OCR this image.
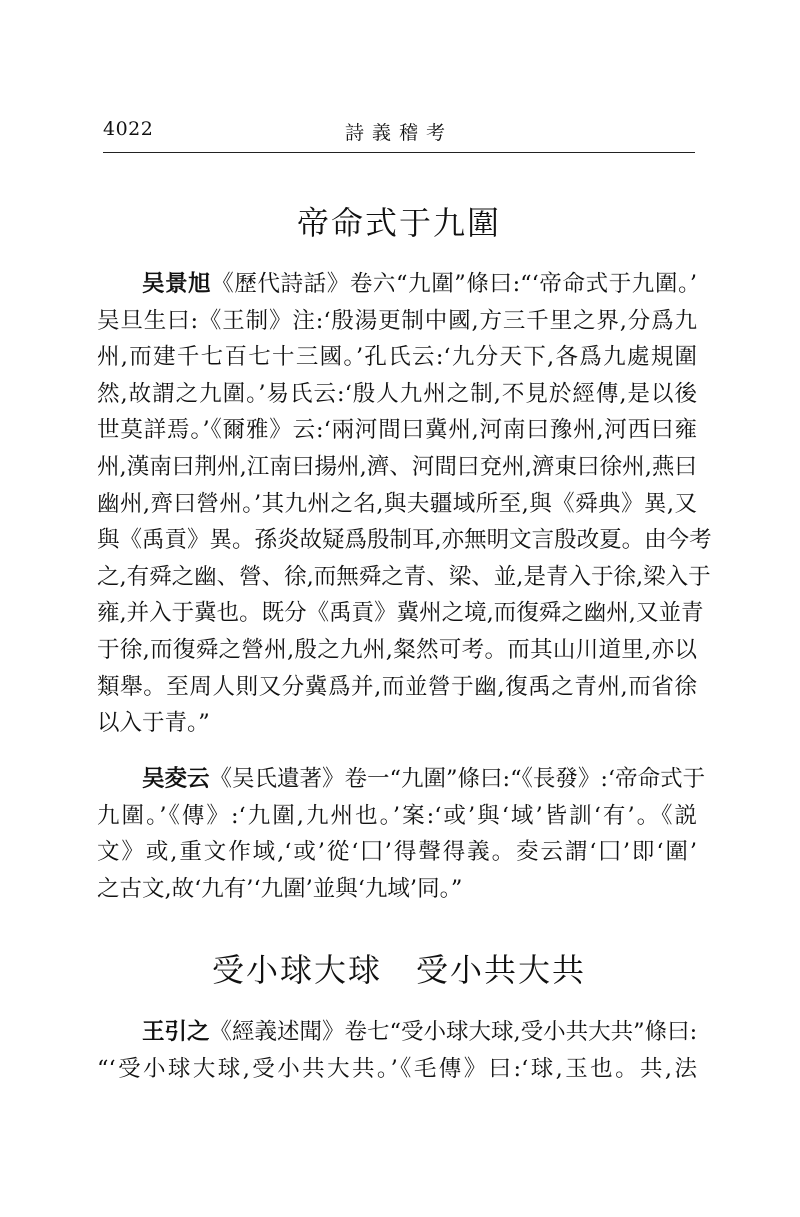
4022	詩義稽考
帝命式于九圍
吴景旭《歷代詩話》卷六“九圍”條曰:“‘帝命式于九圍。’
吴旦生曰:《王制》注:‘殷湯更制中國,方三千里之界,分爲九
州,而建千七百七十三國。’孔氏云:‘九分天下,各爲九處規圍
然,故謂之九圍。’易氏云:‘殷人九州之制,不見於經傳,是以後
世莫詳焉。’《爾雅》云:‘兩河間曰冀州,河南曰豫州,河西曰雍
州,漢南曰荆州,江南曰揚州,濟、河間曰兗州,濟東曰徐州,燕曰
幽州,齊曰營州。’其九州之名,與夫疆域所至,與《舜典》異,又
與《禹貢》異。孫炎故疑爲殷制耳,亦無明文言殷改夏。由今考
之,有舜之幽、營、徐,而無舜之青、梁、並,是青入于徐,梁入于
雍,并入于冀也。既分《禹貢》冀州之境,而復舜之幽州,又並青
于徐,而復舜之營州,殷之九州,粲然可考。而其山川道里,亦以
類舉。至周人則又分冀爲并,而並營于幽,復禹之青州,而省徐
以入于青。”
吴夌云《吴氏遺著》卷一“九圍”條曰:“《長發》:‘帝命式于
九圍。’《傳》:‘九圍,九州也。’案:‘或’與‘域’皆訓‘有’。《説
文》或,重文作域,‘或’從‘囗’得聲得義。夌云謂‘囗’即‘圍’
之古文,故‘九有’‘九圍’並與‘九域’同。”
受小球大球　受小共大共
王引之《經義述聞》卷七“受小球大球,受小共大共”條曰:
“‘受小球大球,受小共大共。’《毛傳》曰:‘球,玉也。共,法
